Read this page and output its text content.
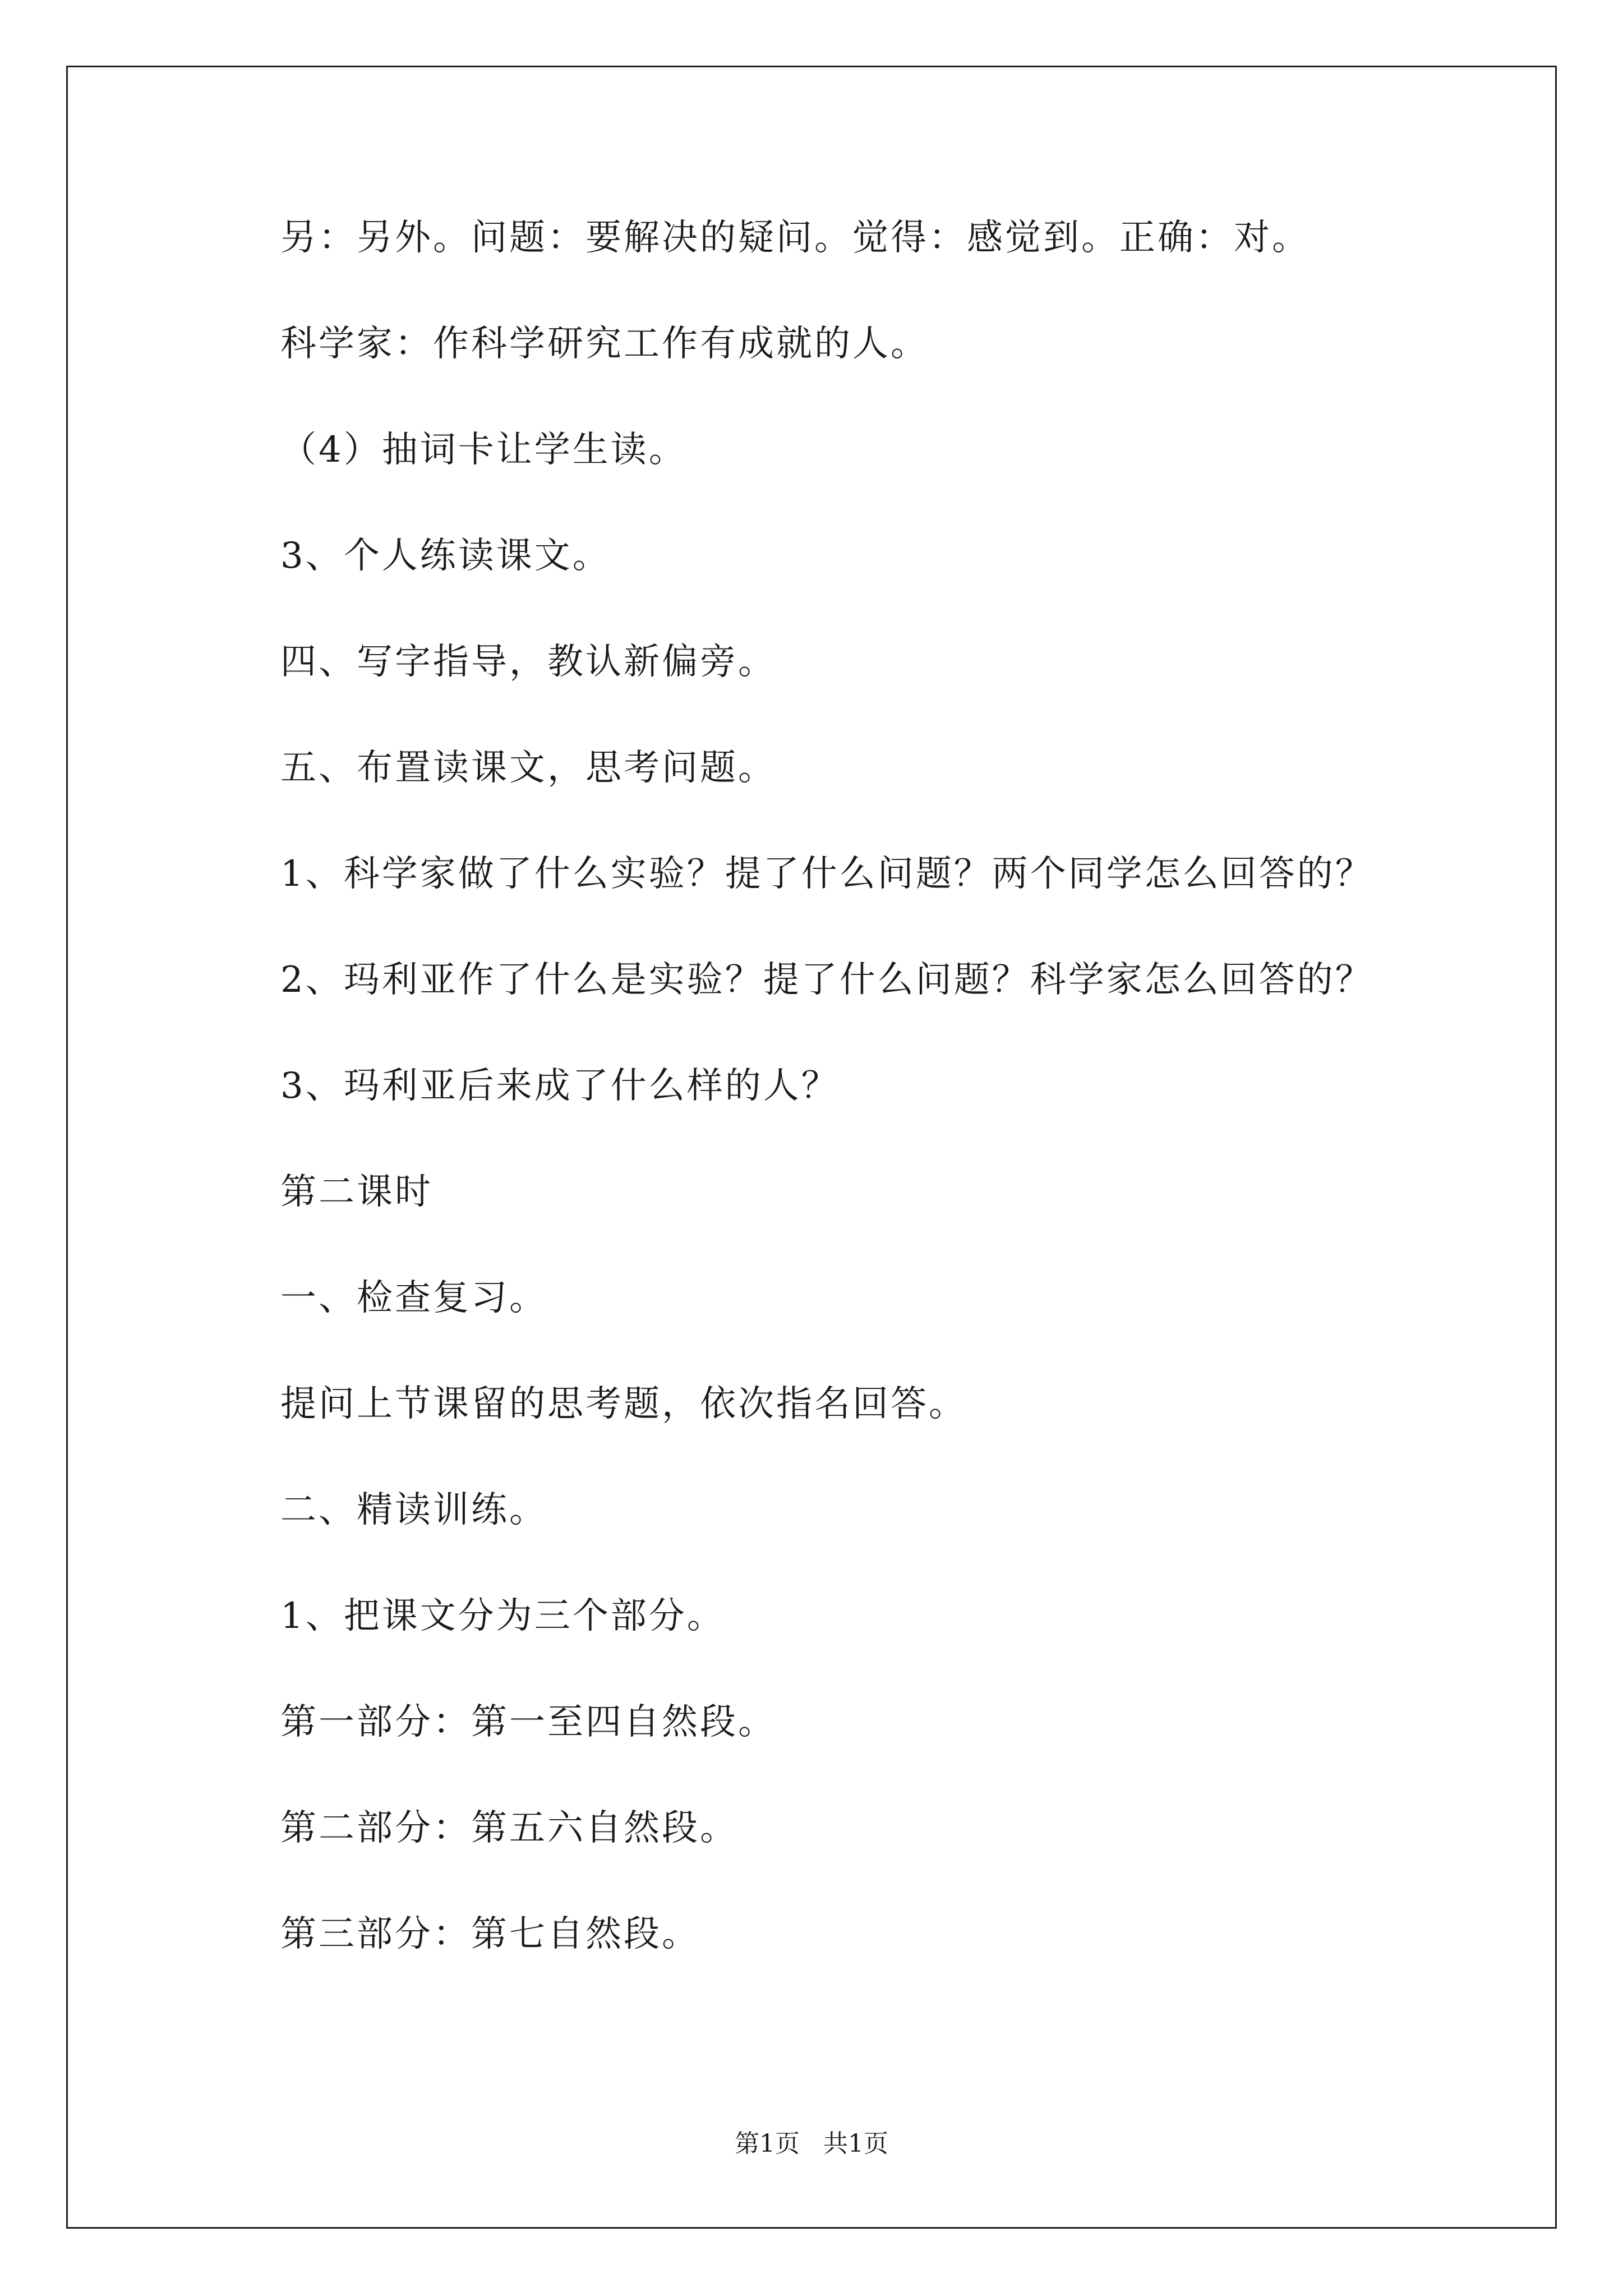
另：另外。问题：要解决的疑问。觉得：感觉到。正确：对。

科学家：作科学研究工作有成就的人。

（4）抽词卡让学生读。

3、个人练读课文。

四、写字指导，教认新偏旁。

五、布置读课文，思考问题。

1、科学家做了什么实验？提了什么问题？两个同学怎么回答的？

2、玛利亚作了什么是实验？提了什么问题？科学家怎么回答的？

3、玛利亚后来成了什么样的人？

第二课时

一、检查复习。

提问上节课留的思考题，依次指名回答。

二、精读训练。

1、把课文分为三个部分。

第一部分：第一至四自然段。

第二部分：第五六自然段。

第三部分：第七自然段。

第1页   共1页
